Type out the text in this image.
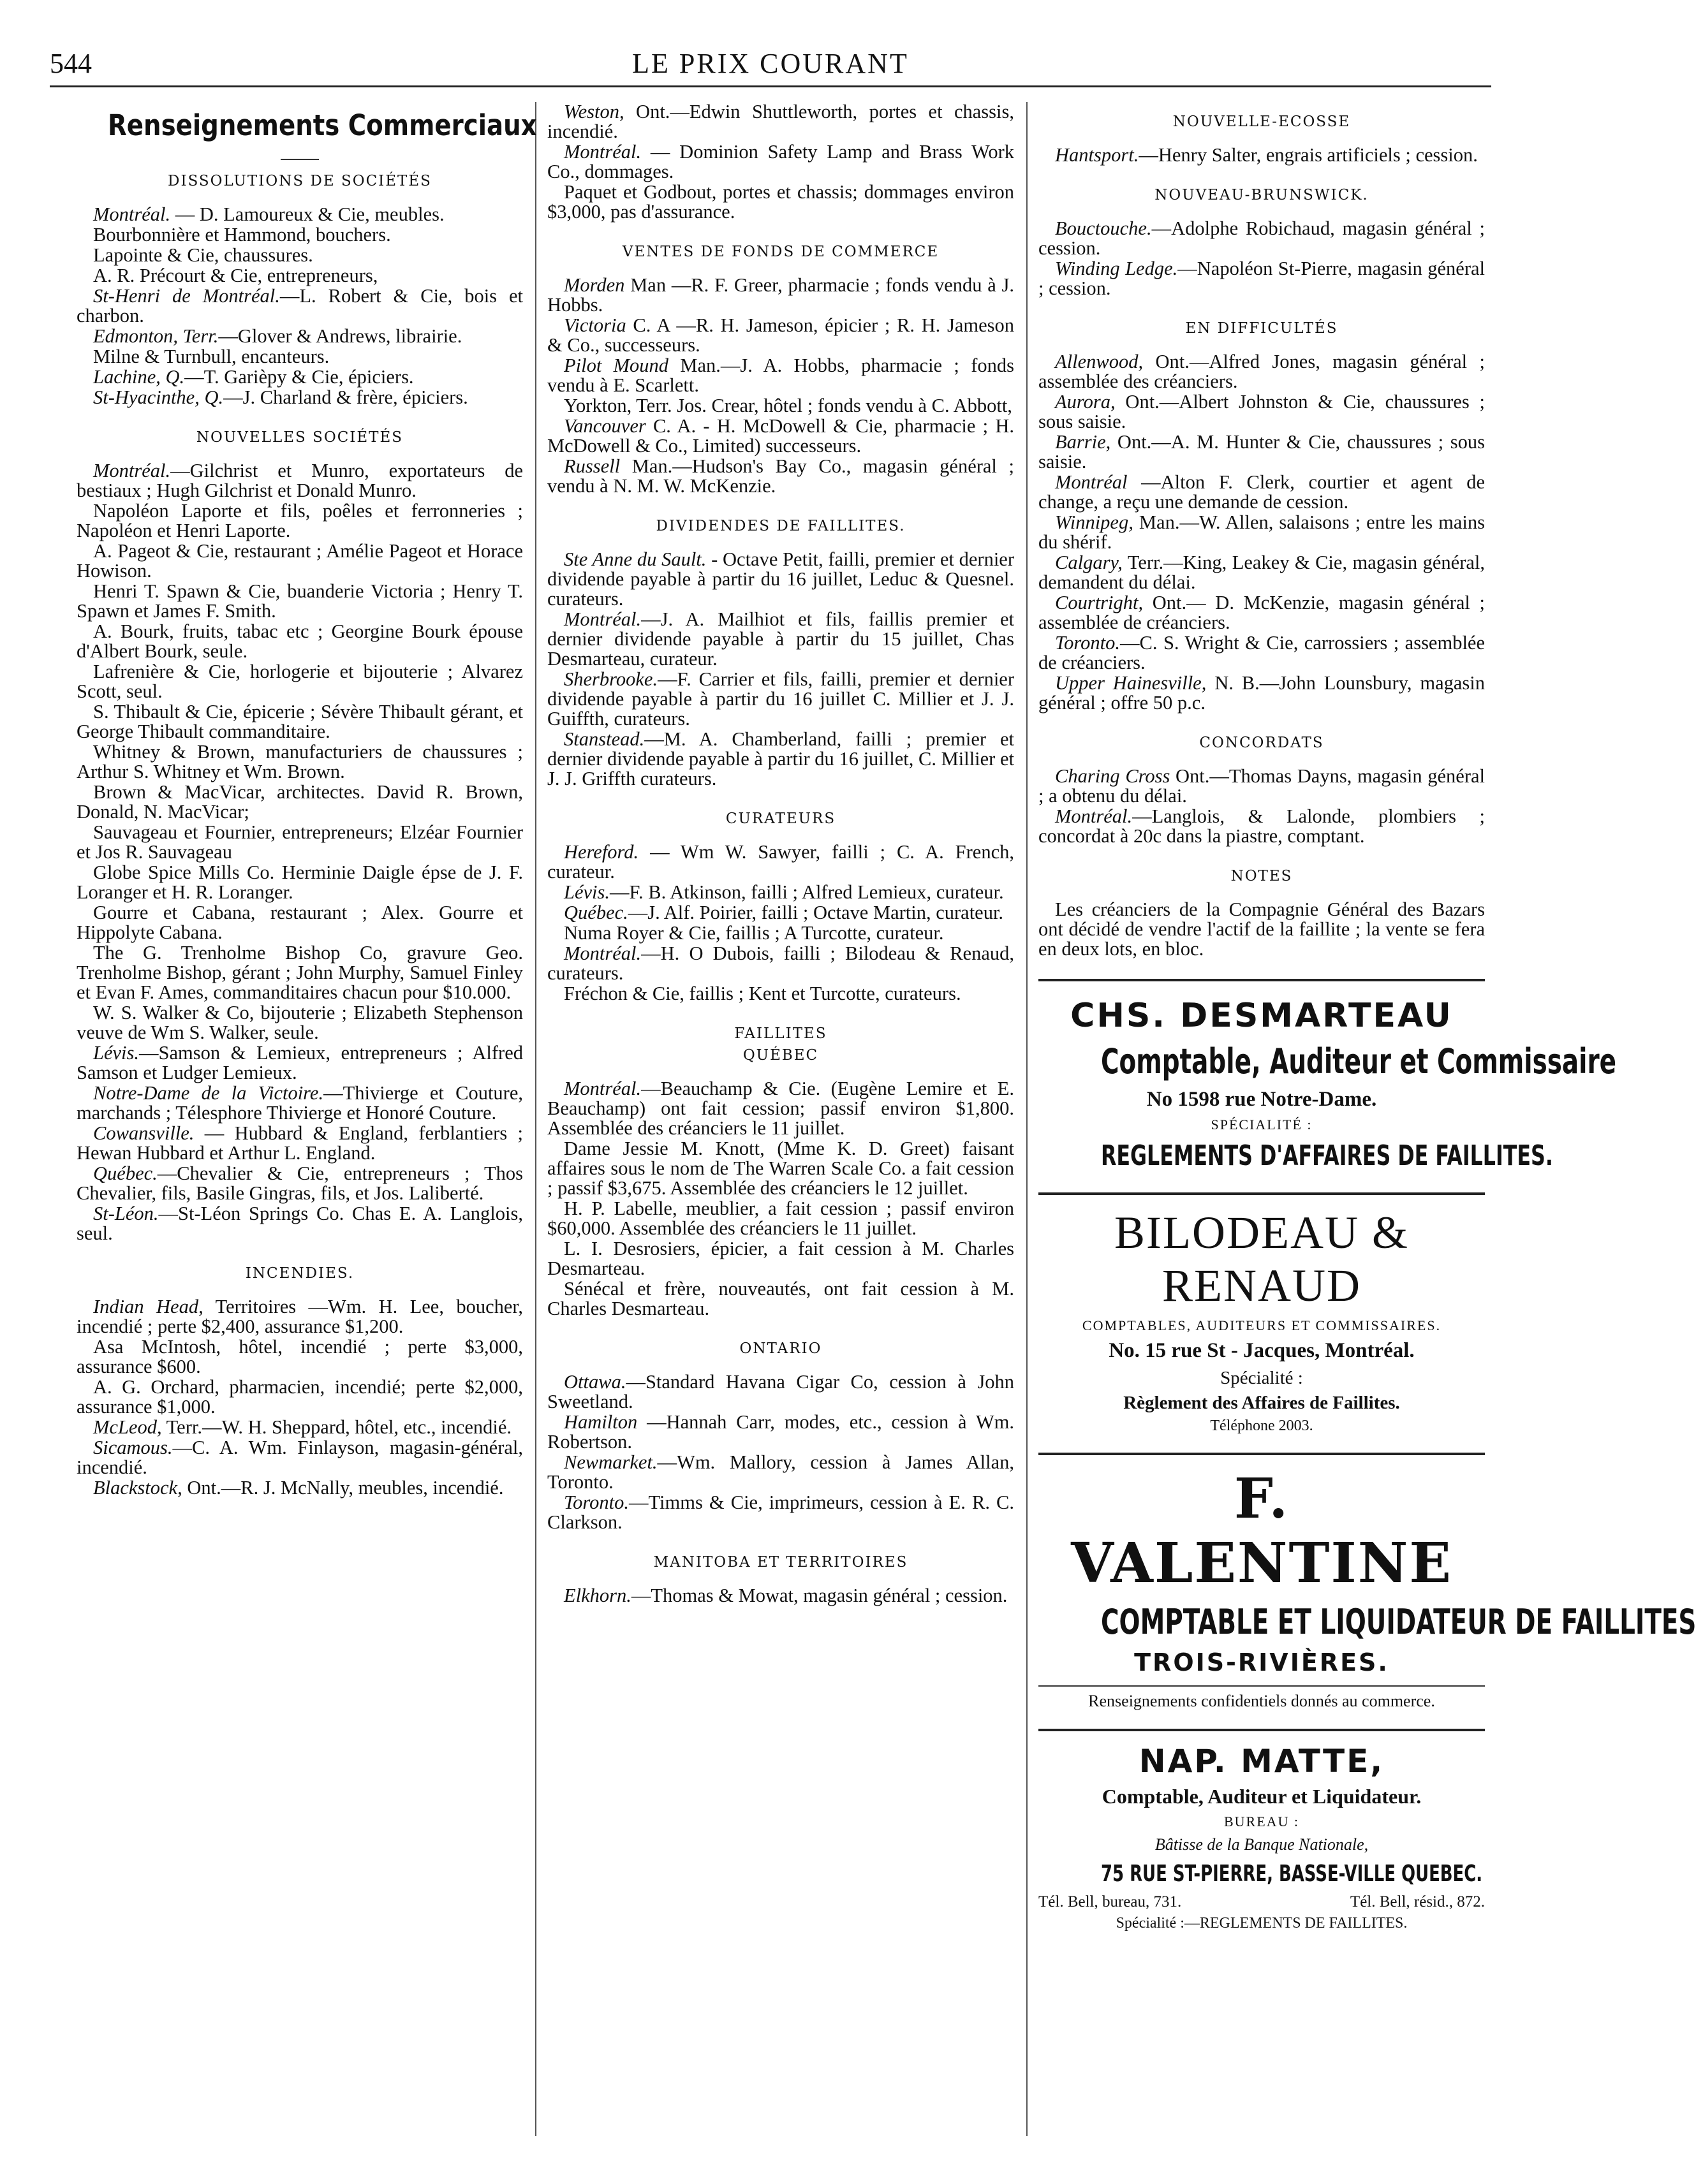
544	LE PRIX COURANT
Renseignements Commerciaux
DISSOLUTIONS DE SOCIÉTÉS

Montréal. — D. Lamoureux & Cie, meubles.

Bourbonnière et Hammond, bouchers.

Lapointe & Cie, chaussures.

A. R. Précourt & Cie, entrepreneurs,

St-Henri de Montréal.—L. Robert & Cie, bois et charbon.

Edmonton, Terr.—Glover & Andrews, librairie.

Milne & Turnbull, encanteurs.

Lachine, Q.—T. Garièpy & Cie, épiciers.

St-Hyacinthe, Q.—J. Charland & frère, épiciers.

NOUVELLES SOCIÉTÉS

Montréal.—Gilchrist et Munro, exportateurs de bestiaux ; Hugh Gilchrist et Donald Munro.

Napoléon Laporte et fils, poêles et ferronneries ; Napoléon et Henri Laporte.

A. Pageot & Cie, restaurant ; Amélie Pageot et Horace Howison.

Henri T. Spawn & Cie, buanderie Victoria ; Henry T. Spawn et James F. Smith.

A. Bourk, fruits, tabac etc ; Georgine Bourk épouse d'Albert Bourk, seule.

Lafrenière & Cie, horlogerie et bijouterie ; Alvarez Scott, seul.

S. Thibault & Cie, épicerie ; Sévère Thibault gérant, et George Thibault commanditaire.

Whitney & Brown, manufacturiers de chaussures ; Arthur S. Whitney et Wm. Brown.

Brown & MacVicar, architectes. David R. Brown, Donald, N. MacVicar;

Sauvageau et Fournier, entrepreneurs; Elzéar Fournier et Jos R. Sauvageau

Globe Spice Mills Co. Herminie Daigle épse de J. F. Loranger et H. R. Loranger.

Gourre et Cabana, restaurant ; Alex. Gourre et Hippolyte Cabana.

The G. Trenholme Bishop Co, gravure Geo. Trenholme Bishop, gérant ; John Murphy, Samuel Finley et Evan F. Ames, commanditaires chacun pour $10.000.

W. S. Walker & Co, bijouterie ; Elizabeth Stephenson veuve de Wm S. Walker, seule.

Lévis.—Samson & Lemieux, entrepreneurs ; Alfred Samson et Ludger Lemieux.

Notre-Dame de la Victoire.—Thivierge et Couture, marchands ; Télesphore Thivierge et Honoré Couture.

Cowansville. — Hubbard & England, ferblantiers ; Hewan Hubbard et Arthur L. England.

Québec.—Chevalier & Cie, entrepreneurs ; Thos Chevalier, fils, Basile Gingras, fils, et Jos. Laliberté.

St-Léon.—St-Léon Springs Co. Chas E. A. Langlois, seul.

INCENDIES.

Indian Head, Territoires —Wm. H. Lee, boucher, incendié ; perte $2,400, assurance $1,200.

Asa McIntosh, hôtel, incendié ; perte $3,000, assurance $600.

A. G. Orchard, pharmacien, incendié; perte $2,000, assurance $1,000.

McLeod, Terr.—W. H. Sheppard, hôtel, etc., incendié.

Sicamous.—C. A. Wm. Finlayson, magasin-général, incendié.

Blackstock, Ont.—R. J. McNally, meubles, incendié.

Weston, Ont.—Edwin Shuttleworth, portes et chassis, incendié.

Montréal. — Dominion Safety Lamp and Brass Work Co., dommages.

Paquet et Godbout, portes et chassis; dommages environ $3,000, pas d'assurance.

VENTES DE FONDS DE COMMERCE

Morden Man —R. F. Greer, pharmacie ; fonds vendu à J. Hobbs.

Victoria C. A —R. H. Jameson, épicier ; R. H. Jameson & Co., successeurs.

Pilot Mound Man.—J. A. Hobbs, pharmacie ; fonds vendu à E. Scarlett.

Yorkton, Terr. Jos. Crear, hôtel ; fonds vendu à C. Abbott,

Vancouver C. A. - H. McDowell & Cie, pharmacie ; H. McDowell & Co., Limited) successeurs.

Russell Man.—Hudson's Bay Co., magasin général ; vendu à N. M. W. McKenzie.

DIVIDENDES DE FAILLITES.

Ste Anne du Sault. - Octave Petit, failli, premier et dernier dividende payable à partir du 16 juillet, Leduc & Quesnel. curateurs.

Montréal.—J. A. Mailhiot et fils, faillis premier et dernier dividende payable à partir du 15 juillet, Chas Desmarteau, curateur.

Sherbrooke.—F. Carrier et fils, failli, premier et dernier dividende payable à partir du 16 juillet C. Millier et J. J. Guiffth, curateurs.

Stanstead.—M. A. Chamberland, failli ; premier et dernier dividende payable à partir du 16 juillet, C. Millier et J. J. Griffth curateurs.

CURATEURS

Hereford. — Wm W. Sawyer, failli ; C. A. French, curateur.

Lévis.—F. B. Atkinson, failli ; Alfred Lemieux, curateur.

Québec.—J. Alf. Poirier, failli ; Octave Martin, curateur.

Numa Royer & Cie, faillis ; A Turcotte, curateur.

Montréal.—H. O Dubois, failli ; Bilodeau & Renaud, curateurs.

Fréchon & Cie, faillis ; Kent et Turcotte, curateurs.

FAILLITES
QUÉBEC

Montréal.—Beauchamp & Cie. (Eugène Lemire et E. Beauchamp) ont fait cession; passif environ $1,800. Assemblée des créanciers le 11 juillet.

Dame Jessie M. Knott, (Mme K. D. Greet) faisant affaires sous le nom de The Warren Scale Co. a fait cession ; passif $3,675. Assemblée des créanciers le 12 juillet.

H. P. Labelle, meublier, a fait cession ; passif environ $60,000. Assemblée des créanciers le 11 juillet.

L. I. Desrosiers, épicier, a fait cession à M. Charles Desmarteau.

Sénécal et frère, nouveautés, ont fait cession à M. Charles Desmarteau.

ONTARIO

Ottawa.—Standard Havana Cigar Co, cession à John Sweetland.

Hamilton —Hannah Carr, modes, etc., cession à Wm. Robertson.

Newmarket.—Wm. Mallory, cession à James Allan, Toronto.

Toronto.—Timms & Cie, imprimeurs, cession à E. R. C. Clarkson.

MANITOBA ET TERRITOIRES

Elkhorn.—Thomas & Mowat, magasin général ; cession.

NOUVELLE-ECOSSE

Hantsport.—Henry Salter, engrais artificiels ; cession.

NOUVEAU-BRUNSWICK.

Bouctouche.—Adolphe Robichaud, magasin général ; cession.

Winding Ledge.—Napoléon St-Pierre, magasin général ; cession.

EN DIFFICULTÉS

Allenwood, Ont.—Alfred Jones, magasin général ; assemblée des créanciers.

Aurora, Ont.—Albert Johnston & Cie, chaussures ; sous saisie.

Barrie, Ont.—A. M. Hunter & Cie, chaussures ; sous saisie.

Montréal —Alton F. Clerk, courtier et agent de change, a reçu une demande de cession.

Winnipeg, Man.—W. Allen, salaisons ; entre les mains du shérif.

Calgary, Terr.—King, Leakey & Cie, magasin général, demandent du délai.

Courtright, Ont.— D. McKenzie, magasin général ; assemblée de créanciers.

Toronto.—C. S. Wright & Cie, carrossiers ; assemblée de créanciers.

Upper Hainesville, N. B.—John Lounsbury, magasin général ; offre 50 p.c.

CONCORDATS

Charing Cross Ont.—Thomas Dayns, magasin général ; a obtenu du délai.

Montréal.—Langlois, & Lalonde, plombiers ; concordat à 20c dans la piastre, comptant.

NOTES

Les créanciers de la Compagnie Général des Bazars ont décidé de vendre l'actif de la faillite ; la vente se fera en deux lots, en bloc.

CHS. DESMARTEAU
Comptable, Auditeur et Commissaire
No 1598 rue Notre-Dame.
SPÉCIALITÉ :
REGLEMENTS D'AFFAIRES DE FAILLITES.
BILODEAU & RENAUD
COMPTABLES, AUDITEURS ET COMMISSAIRES.
No. 15 rue St - Jacques, Montréal.
Spécialité :
Règlement des Affaires de Faillites.
Téléphone 2003.
F. VALENTINE
COMPTABLE ET LIQUIDATEUR DE FAILLITES
TROIS-RIVIÈRES.
Renseignements confidentiels donnés au commerce.
NAP. MATTE,
Comptable, Auditeur et Liquidateur.
BUREAU :
Bâtisse de la Banque Nationale,
75 RUE ST-PIERRE, BASSE-VILLE QUEBEC.
Tél. Bell, bureau, 731.	Tél. Bell, résid., 872.
Spécialité :—REGLEMENTS DE FAILLITES.
